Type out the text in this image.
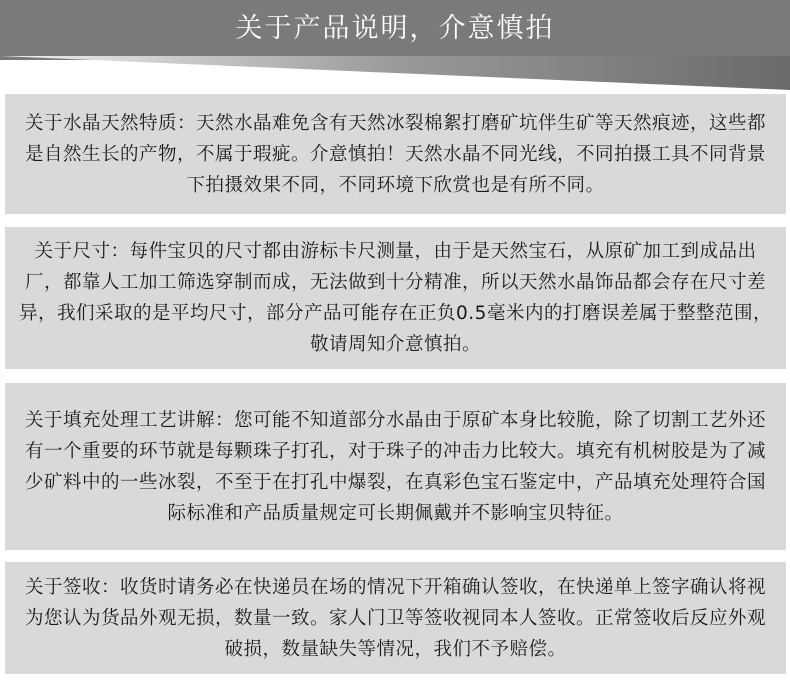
关于产品说明，介意慎拍

关于水晶天然特质：天然水晶难免含有天然冰裂棉絮打磨矿坑伴生矿等天然痕迹，这些都是自然生长的产物，不属于瑕疵。介意慎拍！天然水晶不同光线，不同拍摄工具不同背景下拍摄效果不同，不同环境下欣赏也是有所不同。

关于尺寸：每件宝贝的尺寸都由游标卡尺测量，由于是天然宝石，从原矿加工到成品出厂，都靠人工加工筛选穿制而成，无法做到十分精准，所以天然水晶饰品都会存在尺寸差异，我们采取的是平均尺寸，部分产品可能存在正负0.5毫米内的打磨误差属于整整范围，敬请周知介意慎拍。

关于填充处理工艺讲解：您可能不知道部分水晶由于原矿本身比较脆，除了切割工艺外还有一个重要的环节就是每颗珠子打孔，对于珠子的冲击力比较大。填充有机树胶是为了减少矿料中的一些冰裂，不至于在打孔中爆裂，在真彩色宝石鉴定中，产品填充处理符合国际标准和产品质量规定可长期佩戴并不影响宝贝特征。

关于签收：收货时请务必在快递员在场的情况下开箱确认签收，在快递单上签字确认将视为您认为货品外观无损，数量一致。家人门卫等签收视同本人签收。正常签收后反应外观破损，数量缺失等情况，我们不予赔偿。
